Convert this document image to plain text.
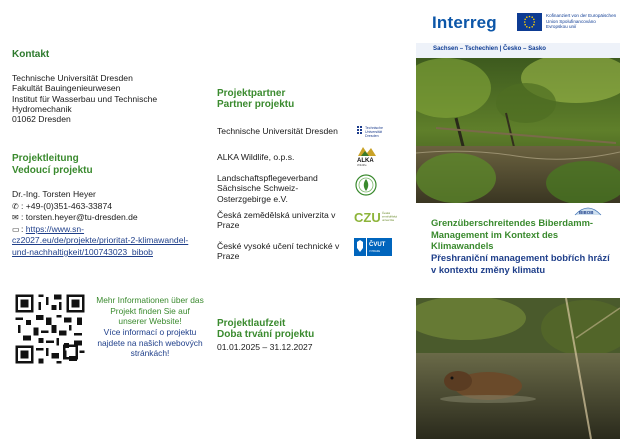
Kontakt
Technische Universität Dresden
Fakultät Bauingenieurwesen
Institut für Wasserbau und Technische
Hydromechanik
01062 Dresden
Projektleitung
Vedoucí projektu
Dr.-Ing. Torsten Heyer
✆ : +49-(0)351-463-33874
✉ : torsten.heyer@tu-dresden.de
▭: https://www.sn-
cz2027.eu/de/projekte/prioritat-2-klimawandel-
und-nachhaltigkeit/100743023_bibob
Mehr Informationen über das Projekt finden Sie auf unserer Website!
Více informací o projektu najdete na našich webových stránkách!
Projektpartner
Partner projektu
Technische Universität Dresden	Technische
Universität
Dresden
ALKA Wildlife, o.p.s.	ALKA
Wildlife
Landschaftspflegeverband Sächsische Schweiz-Osterzgebirge e.V.
Česká zemědělská univerzita v Praze
CZU Česká
zemědělská
univerzita
České vysoké učení technické v Praze
ČVUT
V PRAZE
Projektlaufzeit
Doba trvání projektu
01.01.2025 – 31.12.2027
Interreg	Kofinanziert von der Europäischen Union Spolufinancováno Evropskou unií
Sachsen – Tschechien | Česko – Sasko
Grenzüberschreitendes Biberdamm-Management im Kontext des Klimawandels
Přeshraniční management bobřích hrází v kontextu změny klimatu
BIBOB
